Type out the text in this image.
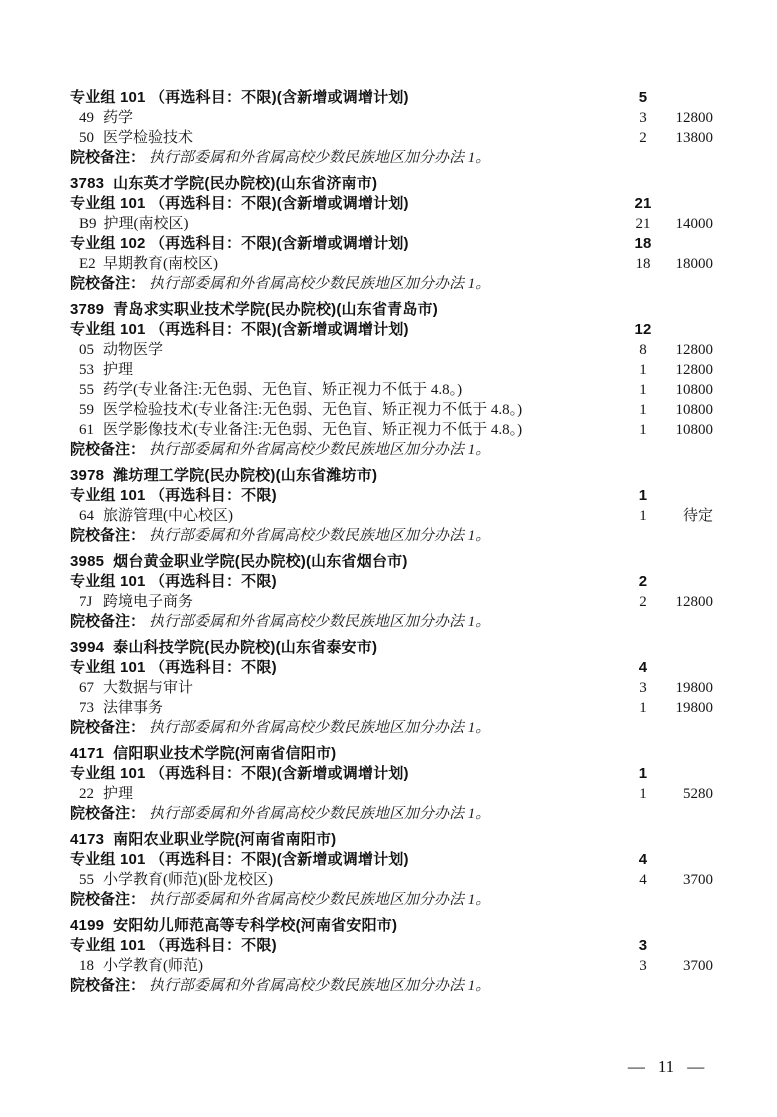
专业组 101 （再选科目：不限)(含新增或调增计划)	5
49 药学	3	12800
50 医学检验技术	2	13800
院校备注： 执行部委属和外省属高校少数民族地区加分办法 1。
3783 山东英才学院(民办院校)(山东省济南市)
专业组 101 （再选科目：不限)(含新增或调增计划)	21
B9 护理(南校区)	21	14000
专业组 102 （再选科目：不限)(含新增或调增计划)	18
E2 早期教育(南校区)	18	18000
院校备注： 执行部委属和外省属高校少数民族地区加分办法 1。
3789 青岛求实职业技术学院(民办院校)(山东省青岛市)
专业组 101 （再选科目：不限)(含新增或调增计划)	12
05 动物医学	8	12800
53 护理	1	12800
55 药学(专业备注:无色弱、无色盲、矫正视力不低于 4.8。)	1	10800
59 医学检验技术(专业备注:无色弱、无色盲、矫正视力不低于 4.8。)	1	10800
61 医学影像技术(专业备注:无色弱、无色盲、矫正视力不低于 4.8。)	1	10800
院校备注： 执行部委属和外省属高校少数民族地区加分办法 1。
3978 潍坊理工学院(民办院校)(山东省潍坊市)
专业组 101 （再选科目：不限)	1
64 旅游管理(中心校区)	1	待定
院校备注： 执行部委属和外省属高校少数民族地区加分办法 1。
3985 烟台黄金职业学院(民办院校)(山东省烟台市)
专业组 101 （再选科目：不限)	2
7J 跨境电子商务	2	12800
院校备注： 执行部委属和外省属高校少数民族地区加分办法 1。
3994 泰山科技学院(民办院校)(山东省泰安市)
专业组 101 （再选科目：不限)	4
67 大数据与审计	3	19800
73 法律事务	1	19800
院校备注： 执行部委属和外省属高校少数民族地区加分办法 1。
4171 信阳职业技术学院(河南省信阳市)
专业组 101 （再选科目：不限)(含新增或调增计划)	1
22 护理	1	5280
院校备注： 执行部委属和外省属高校少数民族地区加分办法 1。
4173 南阳农业职业学院(河南省南阳市)
专业组 101 （再选科目：不限)(含新增或调增计划)	4
55 小学教育(师范)(卧龙校区)	4	3700
院校备注： 执行部委属和外省属高校少数民族地区加分办法 1。
4199 安阳幼儿师范高等专科学校(河南省安阳市)
专业组 101 （再选科目：不限)	3
18 小学教育(师范)	3	3700
院校备注： 执行部委属和外省属高校少数民族地区加分办法 1。
— 11 —
